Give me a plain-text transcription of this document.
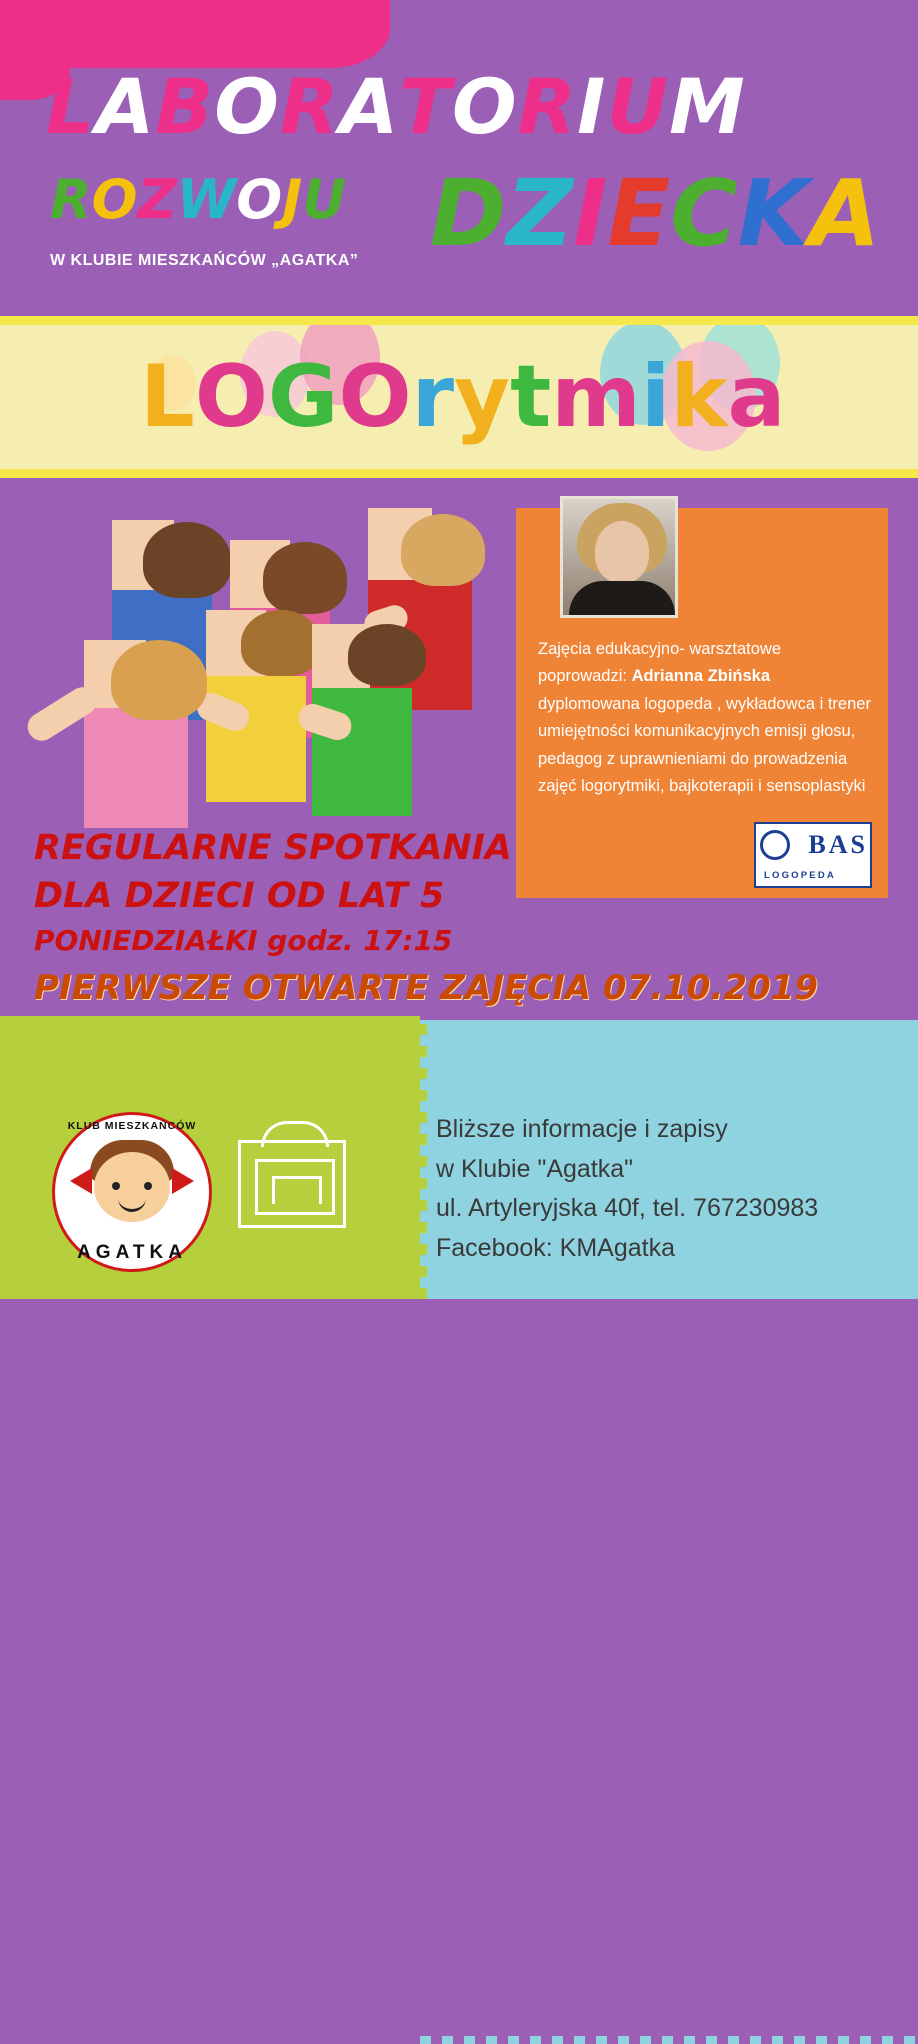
LABORATORIUM
ROZWOJU
W KLUBIE MIESZKAŃCÓW „AGATKA” DZIECKA
LOGOrytmika
Zajęcia edukacyjno- warsztatowe poprowadzi: Adrianna Zbińska dyplomowana logopeda , wykładowca i trener umiejętności komunikacyjnych emisji głosu, pedagog z uprawnieniami do prowadzenia zajęć logorytmiki, bajkoterapii i sensoplastyki
BAS
LOGOPEDA
REGULARNE SPOTKANIA
DLA DZIECI OD LAT 5
PONIEDZIAŁKI godz. 17:15
PIERWSZE OTWARTE ZAJĘCIA 07.10.2019
KLUB MIESZKAŃCÓW
AGATKA
Bliższe informacje i zapisy
w Klubie "Agatka"
ul. Artyleryjska 40f, tel. 767230983
Facebook: KMAgatka
